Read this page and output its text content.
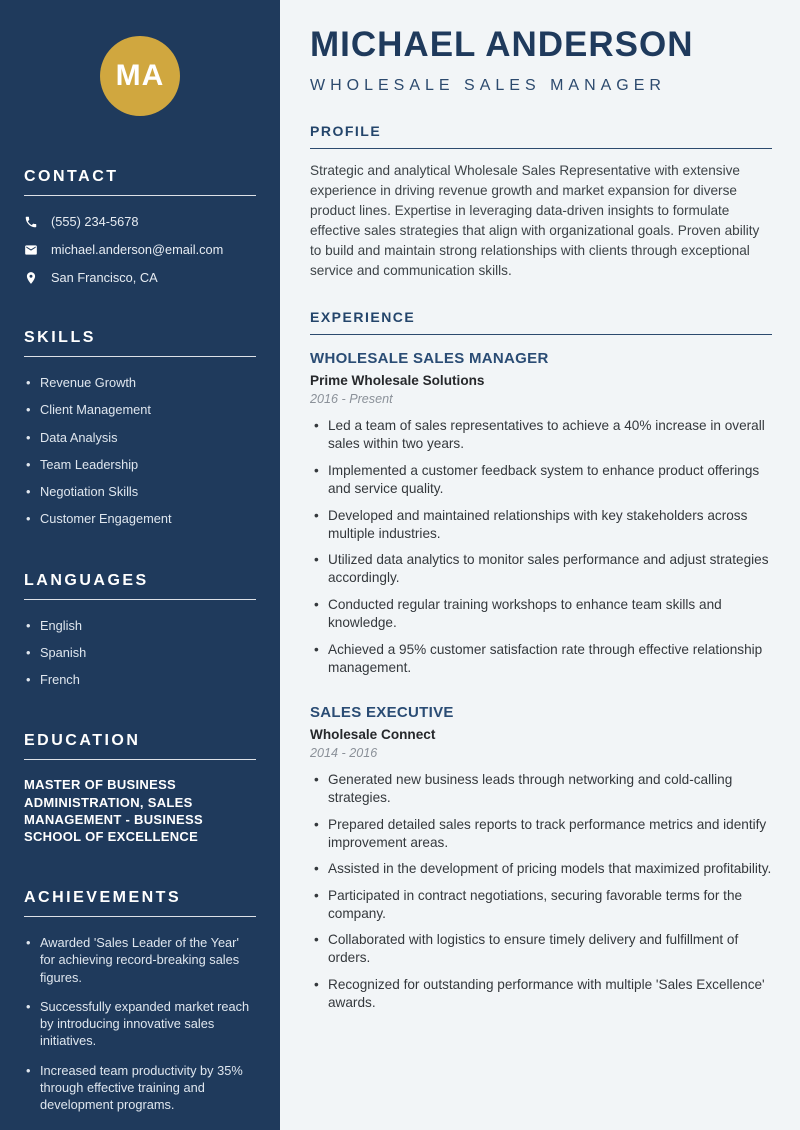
MA
CONTACT
(555) 234-5678
michael.anderson@email.com
San Francisco, CA
SKILLS
• Revenue Growth
• Client Management
• Data Analysis
• Team Leadership
• Negotiation Skills
• Customer Engagement
LANGUAGES
• English
• Spanish
• French
EDUCATION
MASTER OF BUSINESS ADMINISTRATION, SALES MANAGEMENT - BUSINESS SCHOOL OF EXCELLENCE
ACHIEVEMENTS
• Awarded 'Sales Leader of the Year' for achieving record-breaking sales figures.
• Successfully expanded market reach by introducing innovative sales initiatives.
• Increased team productivity by 35% through effective training and development programs.
MICHAEL ANDERSON
WHOLESALE SALES MANAGER
PROFILE

Strategic and analytical Wholesale Sales Representative with extensive experience in driving revenue growth and market expansion for diverse product lines. Expertise in leveraging data-driven insights to formulate effective sales strategies that align with organizational goals. Proven ability to build and maintain strong relationships with clients through exceptional service and communication skills.

EXPERIENCE
WHOLESALE SALES MANAGER
Prime Wholesale Solutions
2016 - Present
• Led a team of sales representatives to achieve a 40% increase in overall sales within two years.
• Implemented a customer feedback system to enhance product offerings and service quality.
• Developed and maintained relationships with key stakeholders across multiple industries.
• Utilized data analytics to monitor sales performance and adjust strategies accordingly.
• Conducted regular training workshops to enhance team skills and knowledge.
• Achieved a 95% customer satisfaction rate through effective relationship management.
SALES EXECUTIVE
Wholesale Connect
2014 - 2016
• Generated new business leads through networking and cold-calling strategies.
• Prepared detailed sales reports to track performance metrics and identify improvement areas.
• Assisted in the development of pricing models that maximized profitability.
• Participated in contract negotiations, securing favorable terms for the company.
• Collaborated with logistics to ensure timely delivery and fulfillment of orders.
• Recognized for outstanding performance with multiple 'Sales Excellence' awards.
